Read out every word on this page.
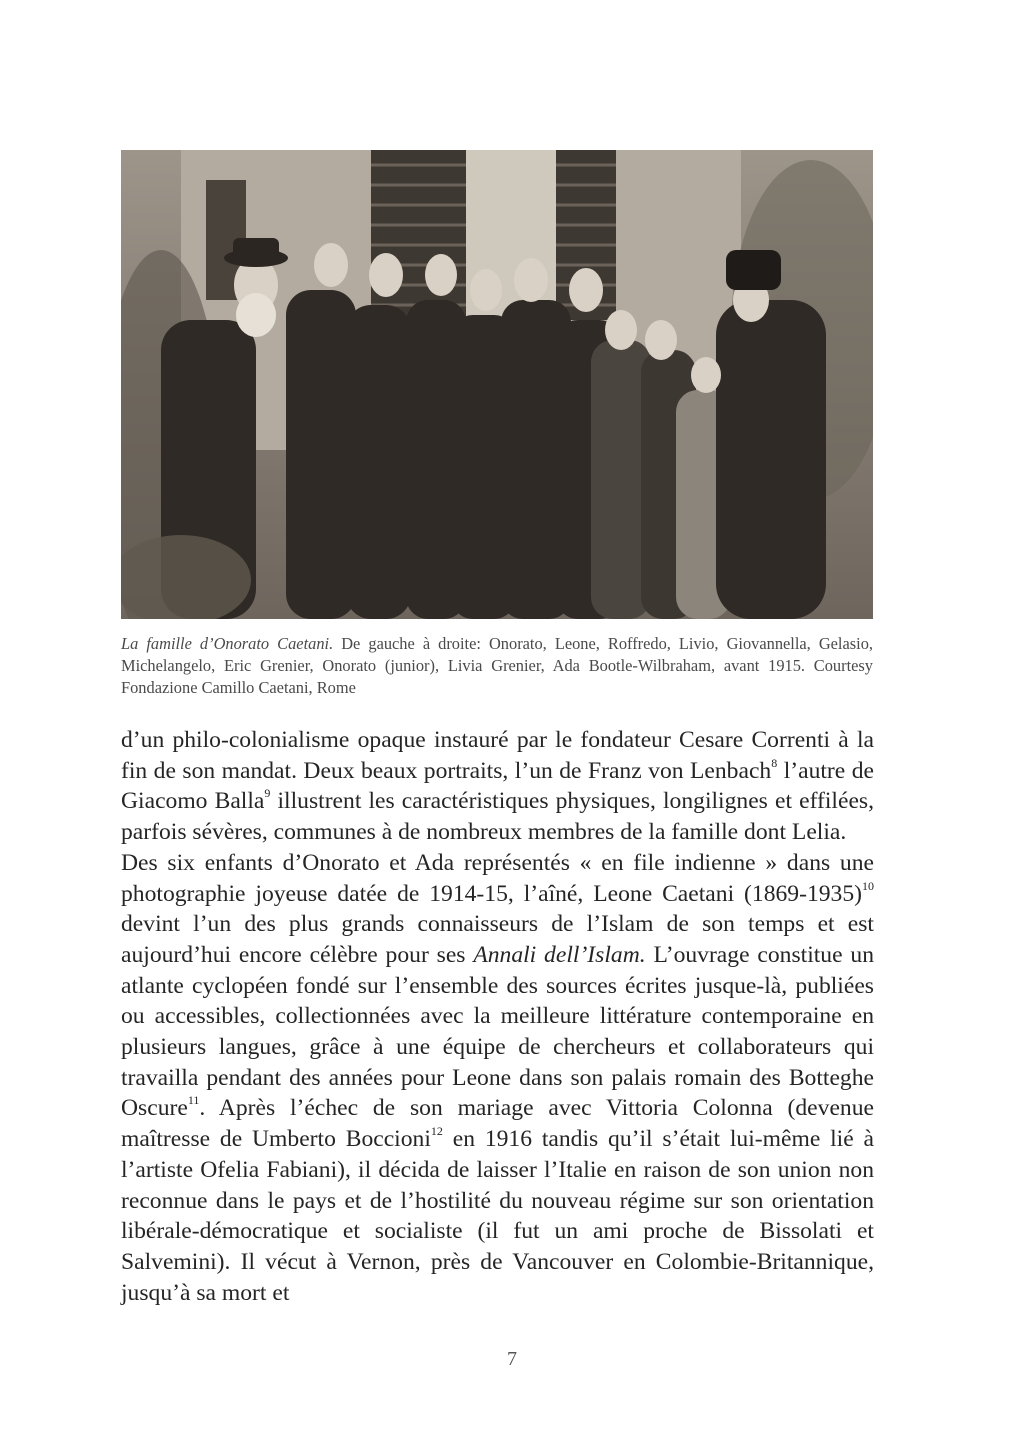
La famille d’Onorato Caetani. De gauche à droite: Onorato, Leone, Roffredo, Livio, Giovannella, Gelasio, Michelangelo, Eric Grenier, Onorato (junior), Livia Grenier, Ada Bootle-Wilbraham, avant 1915. Courtesy Fondazione Camillo Caetani, Rome

d’un philo-colonialisme opaque instauré par le fondateur Cesare Correnti à la fin de son mandat. Deux beaux portraits, l’un de Franz von Lenbach$^8$ l’autre de Giacomo Balla$^9$ illustrent les caractéristiques physiques, longilignes et effilées, parfois sévères, communes à de nombreux membres de la famille dont Lelia.

Des six enfants d’Onorato et Ada représentés « en file indienne » dans une photographie joyeuse datée de 1914-15, l’aîné, Leone Caetani (1869-1935)$^{10}$ devint l’un des plus grands connaisseurs de l’Islam de son temps et est aujourd’hui encore célèbre pour ses Annali dell’Islam. L’ouvrage constitue un atlante cyclopéen fondé sur l’ensemble des sources écrites jusque-là, publiées ou accessibles, collectionnées avec la meilleure littérature contemporaine en plusieurs langues, grâce à une équipe de chercheurs et collaborateurs qui travailla pendant des années pour Leone dans son palais romain des Botteghe Oscure$^{11}$. Après l’échec de son mariage avec Vittoria Colonna (devenue maîtresse de Umberto Boccioni$^{12}$ en 1916 tandis qu’il s’était lui-même lié à l’artiste Ofelia Fabiani), il décida de laisser l’Italie en raison de son union non reconnue dans le pays et de l’hostilité du nouveau régime sur son orientation libérale-démocratique et socialiste (il fut un ami proche de Bissolati et Salvemini). Il vécut à Vernon, près de Vancouver en Colombie-Britannique, jusqu’à sa mort et

7
